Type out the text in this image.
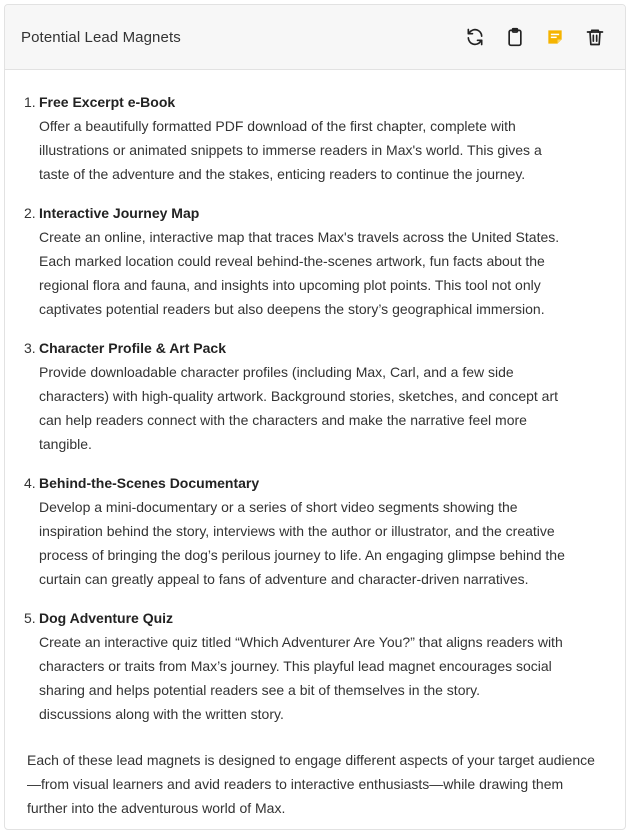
Potential Lead Magnets
1. Free Excerpt e-Book
Offer a beautifully formatted PDF download of the first chapter, complete with illustrations or animated snippets to immerse readers in Max's world. This gives a taste of the adventure and the stakes, enticing readers to continue the journey.
2. Interactive Journey Map
Create an online, interactive map that traces Max's travels across the United States. Each marked location could reveal behind-the-scenes artwork, fun facts about the regional flora and fauna, and insights into upcoming plot points. This tool not only captivates potential readers but also deepens the story’s geographical immersion.
3. Character Profile & Art Pack
Provide downloadable character profiles (including Max, Carl, and a few side characters) with high-quality artwork. Background stories, sketches, and concept art can help readers connect with the characters and make the narrative feel more tangible.
4. Behind-the-Scenes Documentary
Develop a mini-documentary or a series of short video segments showing the inspiration behind the story, interviews with the author or illustrator, and the creative process of bringing the dog’s perilous journey to life. An engaging glimpse behind the curtain can greatly appeal to fans of adventure and character-driven narratives.
5. Dog Adventure Quiz
Create an interactive quiz titled “Which Adventurer Are You?” that aligns readers with characters or traits from Max’s journey. This playful lead magnet encourages social sharing and helps potential readers see a bit of themselves in the story.
discussions along with the written story.
Each of these lead magnets is designed to engage different aspects of your target audience—from visual learners and avid readers to interactive enthusiasts—while drawing them further into the adventurous world of Max.
